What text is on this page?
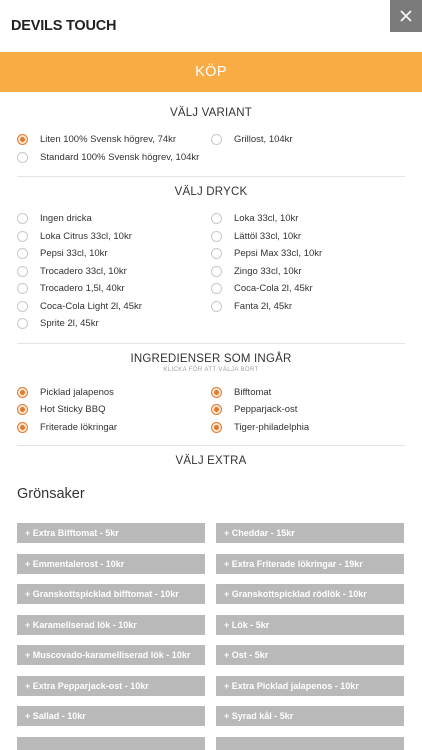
DEVILS TOUCH
KÖP
VÄLJ VARIANT
Liten 100% Svensk högrev, 74kr	Grillost, 104kr
Standard 100% Svensk högrev, 104kr
VÄLJ DRYCK
Ingen dricka	Loka 33cl, 10kr
Loka Citrus 33cl, 10kr	Lättöl 33cl, 10kr
Pepsi 33cl, 10kr	Pepsi Max 33cl, 10kr
Trocadero 33cl, 10kr	Zingo 33cl, 10kr
Trocadero 1,5l, 40kr	Coca-Cola 2l, 45kr
Coca-Cola Light 2l, 45kr	Fanta 2l, 45kr
Sprite 2l, 45kr
INGREDIENSER SOM INGÅR
KLICKA FÖR ATT VÄLJA BORT
Picklad jalapenos	Bifftomat
Hot Sticky BBQ	Pepparjack-ost
Friterade lökringar	Tiger-philadelphia
VÄLJ EXTRA
Grönsaker
+ Extra Bifftomat - 5kr	+ Cheddar - 15kr
+ Emmentalerost - 10kr	+ Extra Friterade lökringar - 19kr
+ Granskottspicklad bifftomat - 10kr	+ Granskottspicklad rödlök - 10kr
+ Karameliserad lök - 10kr	+ Lök - 5kr
+ Muscovado-karamelliserad lök - 10kr	+ Ost - 5kr
+ Extra Pepparjack-ost - 10kr	+ Extra Picklad jalapenos - 10kr
+ Sallad - 10kr	+ Syrad kål - 5kr
